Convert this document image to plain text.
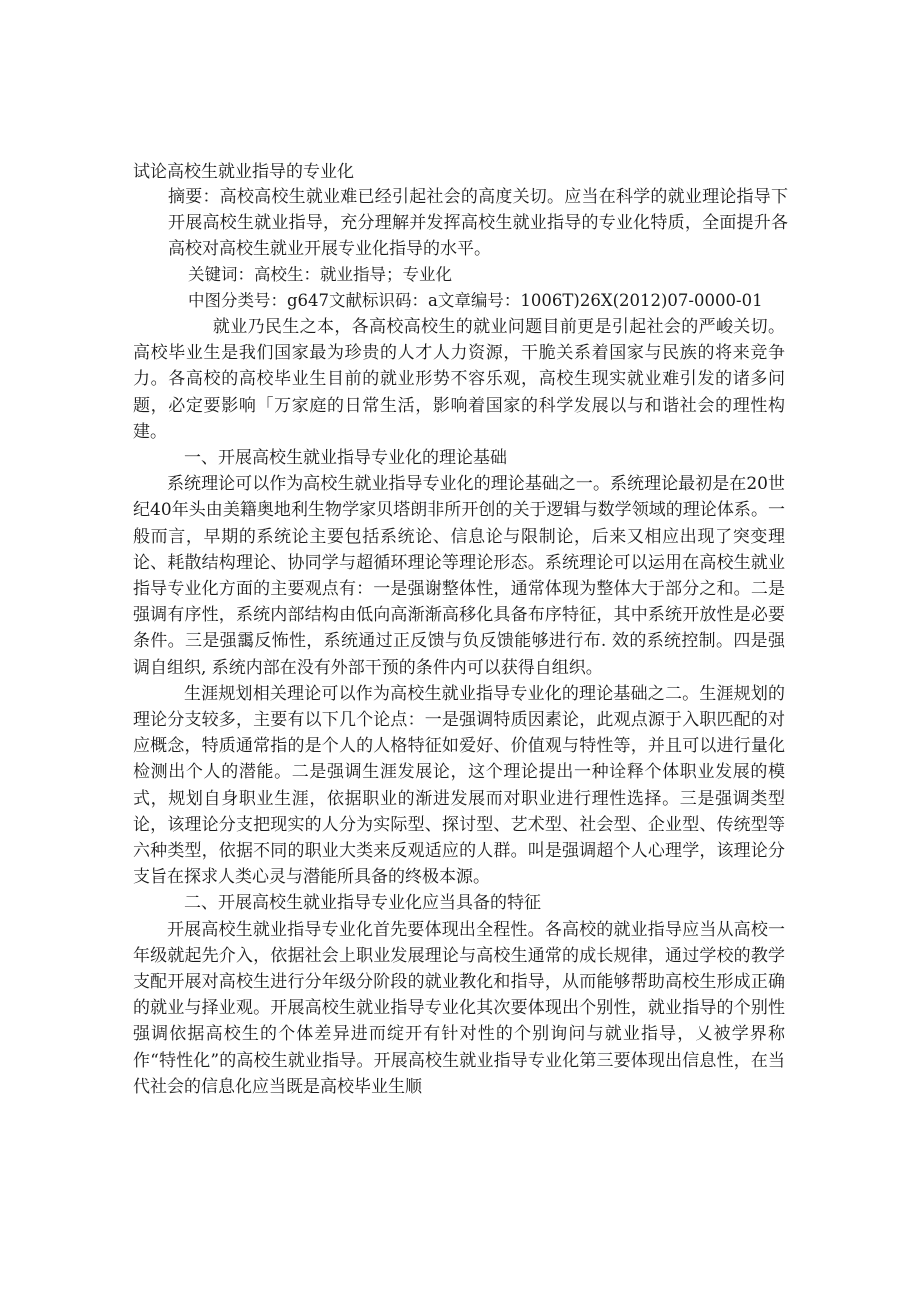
试论高校生就业指导的专业化
摘要：高校高校生就业难已经引起社会的高度关切。应当在科学的就业理论指导下开展高校生就业指导，充分理解并发挥高校生就业指导的专业化特质，全面提升各高校对高校生就业开展专业化指导的水平。
关键词：高校生：就业指导；专业化
中图分类号：g647文献标识码：a文章编号：1006T)26X(2012)07-0000-01

就业乃民生之本，各高校高校生的就业问题目前更是引起社会的严峻关切。高校毕业生是我们国家最为珍贵的人才人力资源，干脆关系着国家与民族的将来竞争力。各高校的高校毕业生目前的就业形势不容乐观，高校生现实就业难引发的诸多问题，必定要影响「万家庭的日常生活，影响着国家的科学发展以与和谐社会的理性构建。

一、开展高校生就业指导专业化的理论基础

系统理论可以作为高校生就业指导专业化的理论基础之一。系统理论最初是在20世纪40年头由美籍奥地利生物学家贝塔朗非所开创的关于逻辑与数学领域的理论体系。一般而言，早期的系统论主要包括系统论、信息论与限制论，后来又相应出现了突变理论、耗散结构理论、协同学与超循环理论等理论形态。系统理论可以运用在高校生就业指导专业化方面的主要观点有：一是强谢整体性，通常体现为整体大于部分之和。二是强调有序性，系统内部结构由低向高渐渐高移化具备布序特征，其中系统开放性是必要条件。三是强靄反怖性，系统通过正反馈与负反馈能够进行布. 效的系统控制。四是强调自组织, 系统内部在没有外部干预的条件内可以获得自组织。

生涯规划相关理论可以作为高校生就业指导专业化的理论基础之二。生涯规划的理论分支较多，主要有以下几个论点：一是强调特质因素论，此观点源于入职匹配的对应概念，特质通常指的是个人的人格特征如爱好、价值观与特性等，并且可以进行量化检测出个人的潜能。二是强调生涯发展论，这个理论提出一种诠释个体职业发展的模式，规划自身职业生涯，依据职业的渐进发展而对职业进行理性选择。三是强调类型论，该理论分支把现实的人分为实际型、探讨型、艺术型、社会型、企业型、传统型等六种类型，依据不同的职业大类来反观适应的人群。叫是强调超个人心理学，该理论分支旨在探求人类心灵与潜能所具备的终极本源。

二、开展高校生就业指导专业化应当具备的特征

开展高校生就业指导专业化首先要体现出全程性。各高校的就业指导应当从高校一年级就起先介入，依据社会上职业发展理论与高校生通常的成长规律，通过学校的教学支配开展对高校生进行分年级分阶段的就业教化和指导，从而能够帮助高校生形成正确的就业与择业观。开展高校生就业指导专业化其次要体现出个别性，就业指导的个别性强调依据高校生的个体差异进而绽开有针对性的个别询问与就业指导，乂被学界称作“特性化”的高校生就业指导。开展高校生就业指导专业化第三要体现出信息性，在当代社会的信息化应当既是高校毕业生顺
